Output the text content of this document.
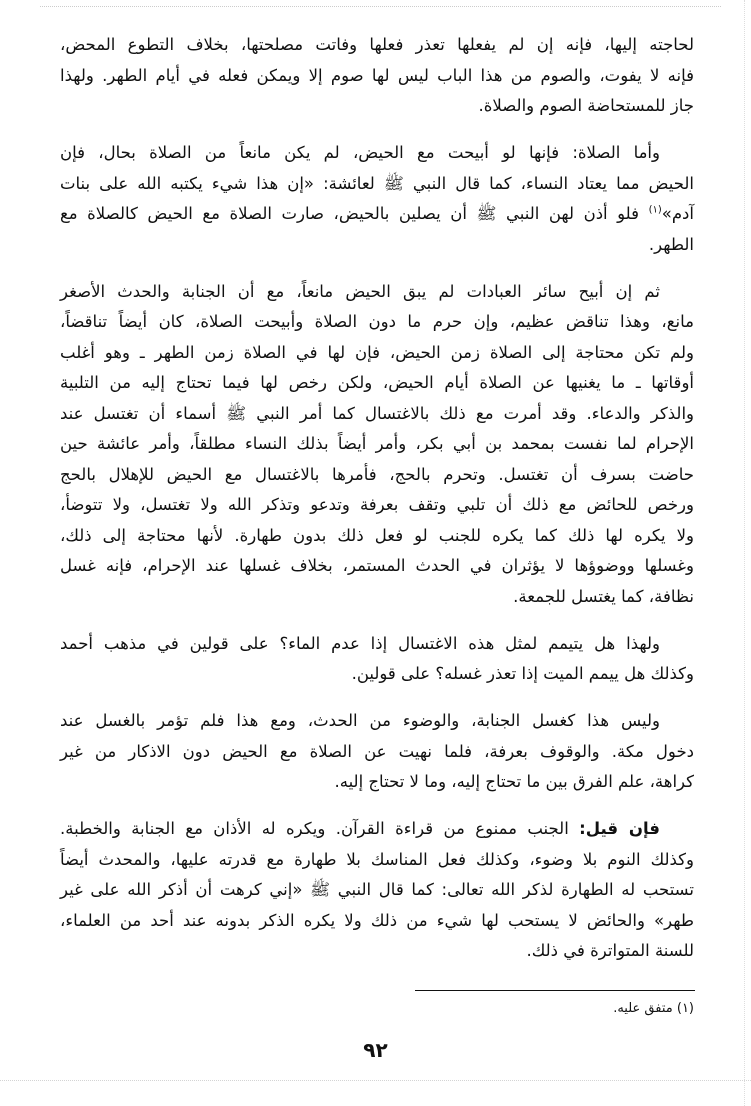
لحاجته إليها، فإنه إن لم يفعلها تعذر فعلها وفاتت مصلحتها، بخلاف التطوع المحض،
فإنه لا يفوت، والصوم من هذا الباب ليس لها صوم إلا ويمكن فعله في أيام الطهر. ولهذا
جاز للمستحاضة الصوم والصلاة.
وأما الصلاة: فإنها لو أبيحت مع الحيض، لم يكن مانعاً من الصلاة بحال، فإن
الحيض مما يعتاد النساء، كما قال النبي ﷺ لعائشة: «إن هذا شيء يكتبه الله على بنات
آدم»$^{(١)}$ فلو أذن لهن النبي ﷺ أن يصلين بالحيض، صارت الصلاة مع الحيض كالصلاة مع
الطهر.
ثم إن أبيح سائر العبادات لم يبق الحيض مانعاً، مع أن الجنابة والحدث الأصغر
مانع، وهذا تناقض عظيم، وإن حرم ما دون الصلاة وأبيحت الصلاة، كان أيضاً تناقضاً،
ولم تكن محتاجة إلى الصلاة زمن الحيض، فإن لها في الصلاة زمن الطهر ـ وهو أغلب
أوقاتها ـ ما يغنيها عن الصلاة أيام الحيض، ولكن رخص لها فيما تحتاج إليه من التلبية
والذكر والدعاء. وقد أمرت مع ذلك بالاغتسال كما أمر النبي ﷺ أسماء أن تغتسل عند
الإحرام لما نفست بمحمد بن أبي بكر، وأمر أيضاً بذلك النساء مطلقاً، وأمر عائشة حين
حاضت بسرف أن تغتسل. وتحرم بالحج، فأمرها بالاغتسال مع الحيض للإهلال بالحج
ورخص للحائض مع ذلك أن تلبي وتقف بعرفة وتدعو وتذكر الله ولا تغتسل، ولا تتوضأ،
ولا يكره لها ذلك كما يكره للجنب لو فعل ذلك بدون طهارة. لأنها محتاجة إلى ذلك،
وغسلها ووضوؤها لا يؤثران في الحدث المستمر، بخلاف غسلها عند الإحرام، فإنه غسل
نظافة، كما يغتسل للجمعة.
ولهذا هل يتيمم لمثل هذه الاغتسال إذا عدم الماء؟ على قولين في مذهب أحمد
وكذلك هل ييمم الميت إذا تعذر غسله؟ على قولين.
وليس هذا كغسل الجنابة، والوضوء من الحدث، ومع هذا فلم تؤمر بالغسل عند
دخول مكة. والوقوف بعرفة، فلما نهيت عن الصلاة مع الحيض دون الاذكار من غير
كراهة، علم الفرق بين ما تحتاج إليه، وما لا تحتاج إليه.
فإن قيل: الجنب ممنوع من قراءة القرآن. ويكره له الأذان مع الجنابة والخطبة.
وكذلك النوم بلا وضوء، وكذلك فعل المناسك بلا طهارة مع قدرته عليها، والمحدث أيضاً
تستحب له الطهارة لذكر الله تعالى: كما قال النبي ﷺ «إني كرهت أن أذكر الله على غير
طهر» والحائض لا يستحب لها شيء من ذلك ولا يكره الذكر بدونه عند أحد من العلماء،
للسنة المتواترة في ذلك.
(١) متفق عليه.
٩٢
